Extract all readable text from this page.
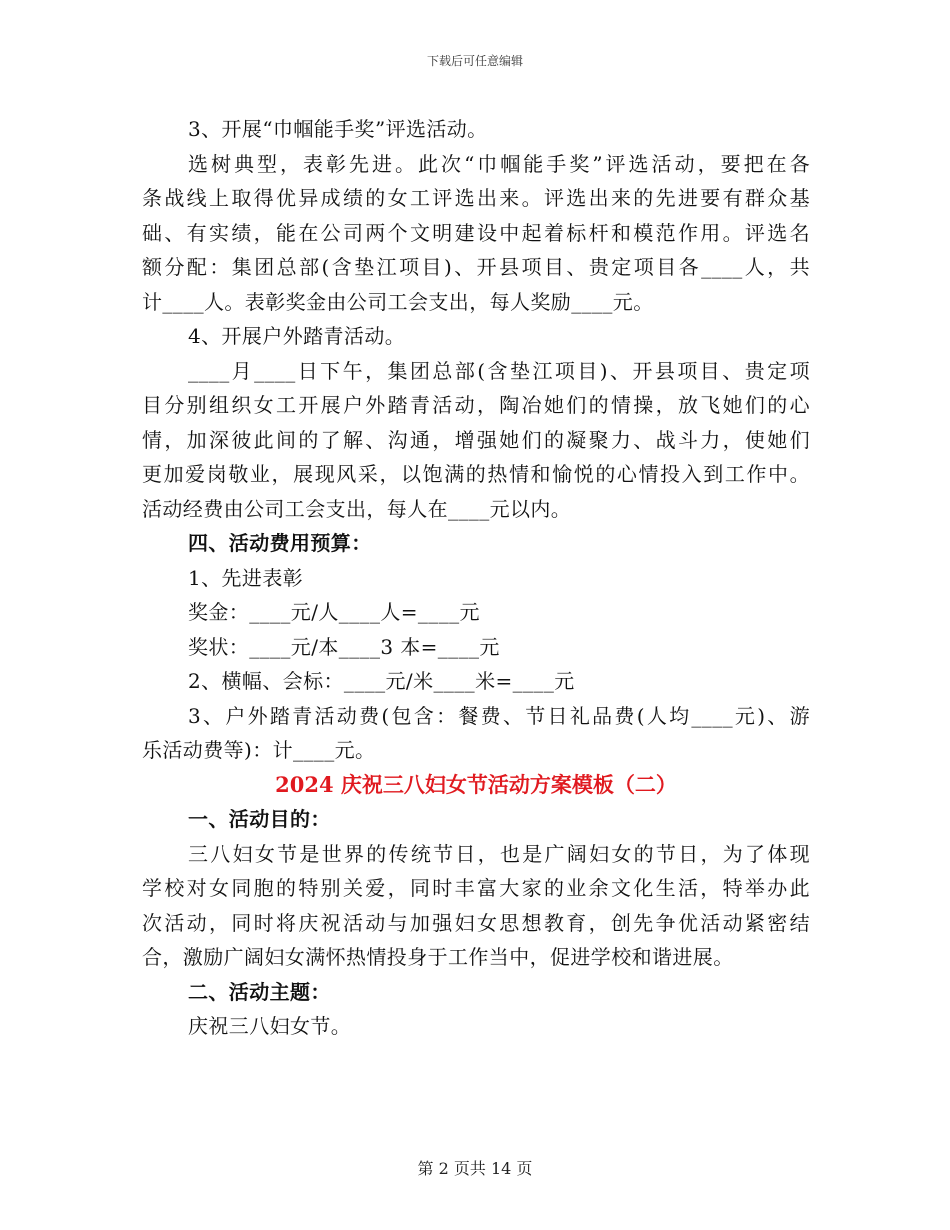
下载后可任意编辑
3、开展“巾帼能手奖”评选活动。
选树典型，表彰先进。此次“巾帼能手奖”评选活动，要把在各
条战线上取得优异成绩的女工评选出来。评选出来的先进要有群众基
础、有实绩，能在公司两个文明建设中起着标杆和模范作用。评选名
额分配：集团总部(含垫江项目)、开县项目、贵定项目各____人，共
计____人。表彰奖金由公司工会支出，每人奖励____元。
4、开展户外踏青活动。
____月____日下午，集团总部(含垫江项目)、开县项目、贵定项
目分别组织女工开展户外踏青活动，陶冶她们的情操，放飞她们的心
情，加深彼此间的了解、沟通，增强她们的凝聚力、战斗力，使她们
更加爱岗敬业，展现风采，以饱满的热情和愉悦的心情投入到工作中。
活动经费由公司工会支出，每人在____元以内。
四、活动费用预算：
1、先进表彰
奖金：____元/人____人=____元
奖状：____元/本____3 本=____元
2、横幅、会标：____元/米____米=____元
3、户外踏青活动费(包含：餐费、节日礼品费(人均____元)、游
乐活动费等)：计____元。
2024 庆祝三八妇女节活动方案模板（二）
一、活动目的：
三八妇女节是世界的传统节日，也是广阔妇女的节日，为了体现
学校对女同胞的特别关爱，同时丰富大家的业余文化生活，特举办此
次活动，同时将庆祝活动与加强妇女思想教育，创先争优活动紧密结
合，激励广阔妇女满怀热情投身于工作当中，促进学校和谐进展。
二、活动主题：
庆祝三八妇女节。
第 2 页共 14 页
